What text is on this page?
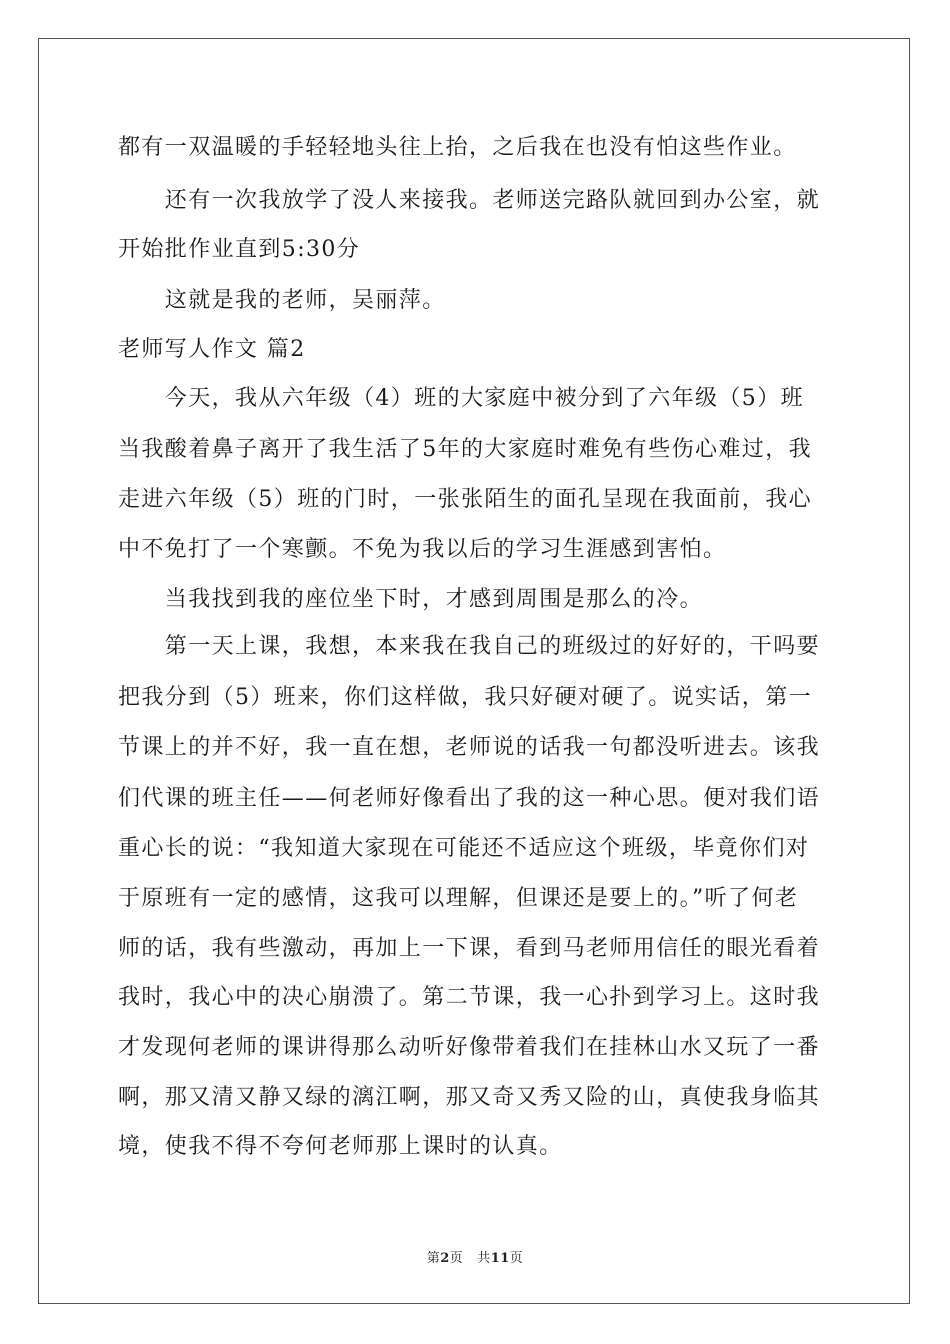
都有一双温暖的手轻轻地头往上抬，之后我在也没有怕这些作业。
　　还有一次我放学了没人来接我。老师送完路队就回到办公室，就
开始批作业直到5:30分
　　这就是我的老师，吴丽萍。
老师写人作文 篇2
　　今天，我从六年级（4）班的大家庭中被分到了六年级（5）班
当我酸着鼻子离开了我生活了5年的大家庭时难免有些伤心难过，我
走进六年级（5）班的门时，一张张陌生的面孔呈现在我面前，我心
中不免打了一个寒颤。不免为我以后的学习生涯感到害怕。
　　当我找到我的座位坐下时，才感到周围是那么的冷。
　　第一天上课，我想，本来我在我自己的班级过的好好的，干吗要
把我分到（5）班来，你们这样做，我只好硬对硬了。说实话，第一
节课上的并不好，我一直在想，老师说的话我一句都没听进去。该我
们代课的班主任——何老师好像看出了我的这一种心思。便对我们语
重心长的说：“我知道大家现在可能还不适应这个班级，毕竟你们对
于原班有一定的感情，这我可以理解，但课还是要上的。”听了何老
师的话，我有些激动，再加上一下课，看到马老师用信任的眼光看着
我时，我心中的决心崩溃了。第二节课，我一心扑到学习上。这时我
才发现何老师的课讲得那么动听好像带着我们在挂林山水又玩了一番
啊，那又清又静又绿的漓江啊，那又奇又秀又险的山，真使我身临其
境，使我不得不夸何老师那上课时的认真。
第2页 共11页
